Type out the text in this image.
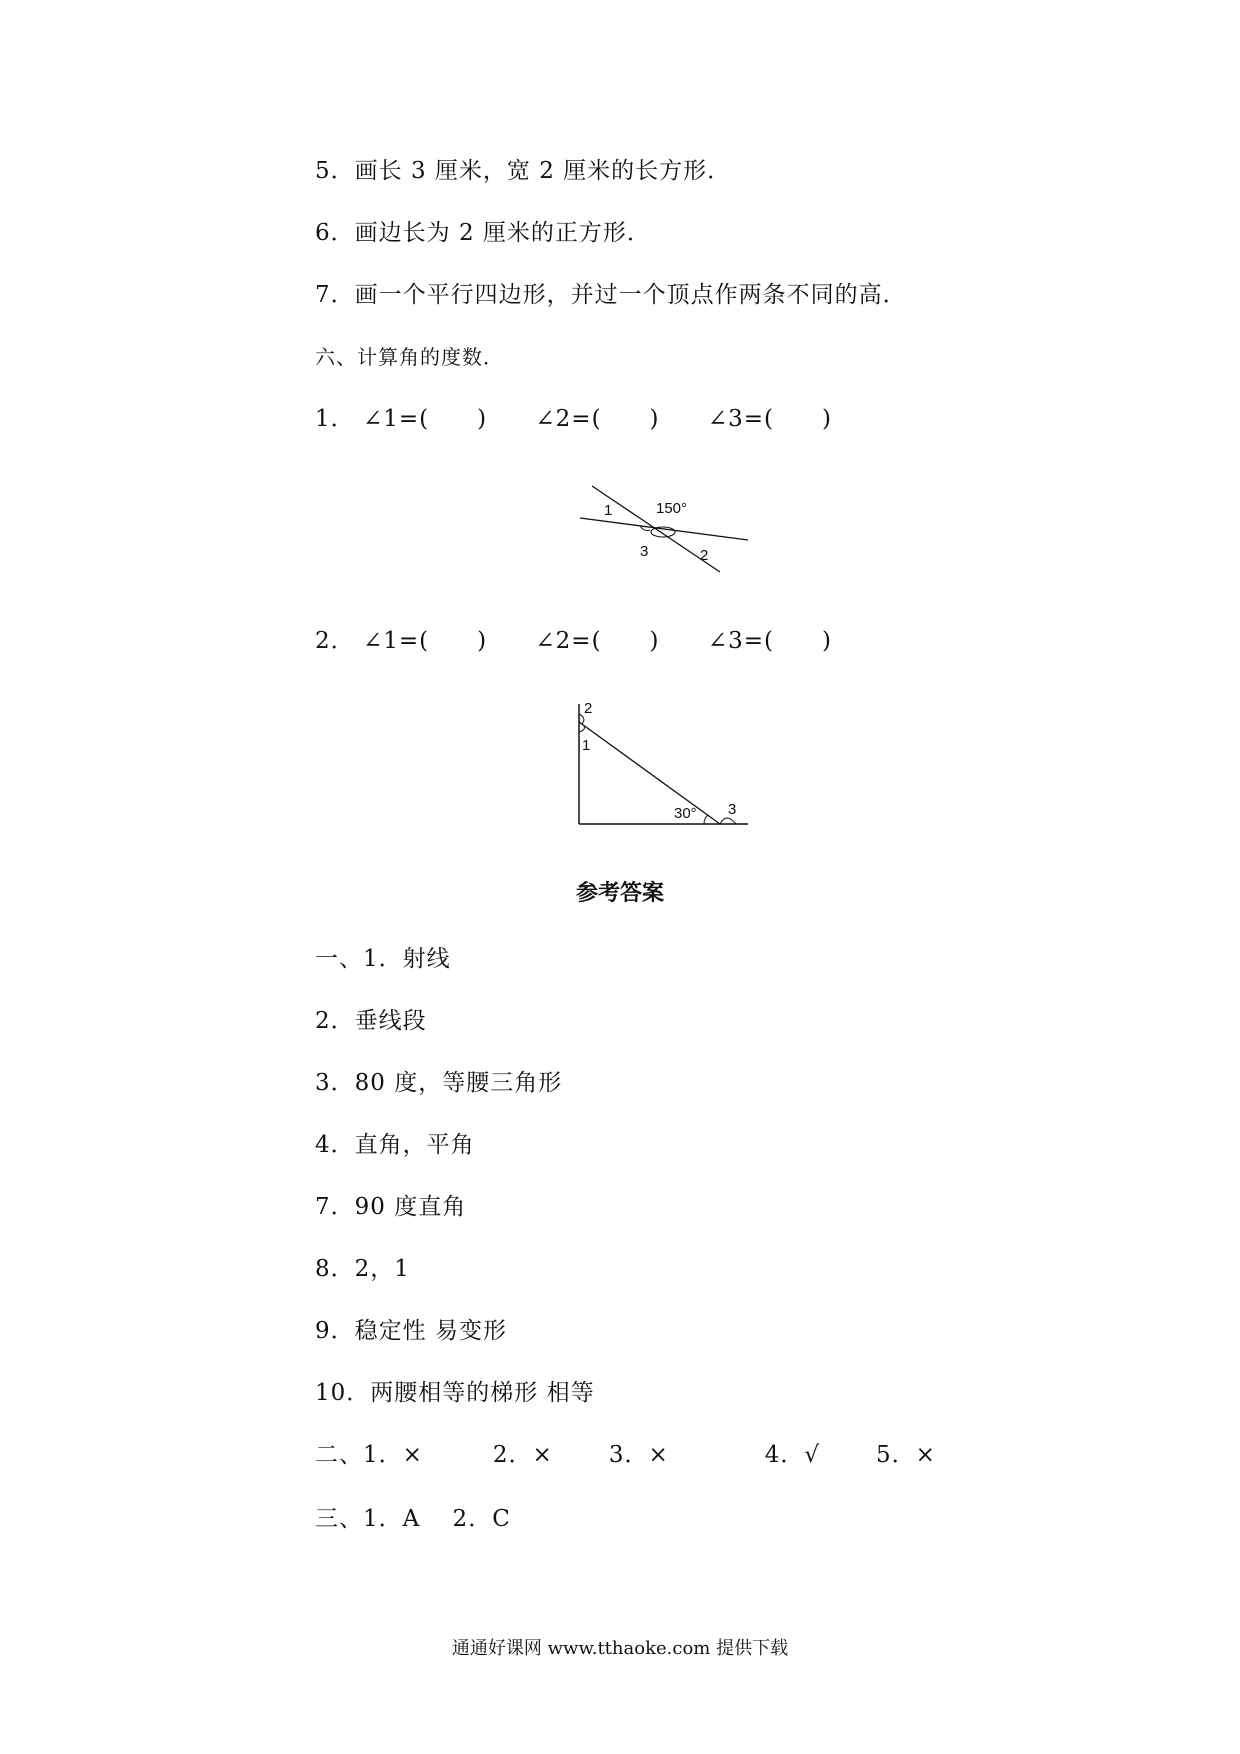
5．画长 3 厘米，宽 2 厘米的长方形．
6．画边长为 2 厘米的正方形．
7．画一个平行四边形，并过一个顶点作两条不同的高．
六、计算角的度数．
1． ∠1=(　　) ∠2=(　　) ∠3=(　　)
150°
1
3	2
2． ∠1=(　　) ∠2=(　　) ∠3=(　　)
2
1
30° 3
参考答案
一、1．射线
2．垂线段
3．80 度，等腰三角形
4．直角，平角
7．90 度直角
8．2，1
9．稳定性 易变形
10．两腰相等的梯形 相等
二、1．×	2．× 3．×	4．√ 5．×
三、1．A　 2．C
通通好课网 www.tthaoke.com 提供下载
